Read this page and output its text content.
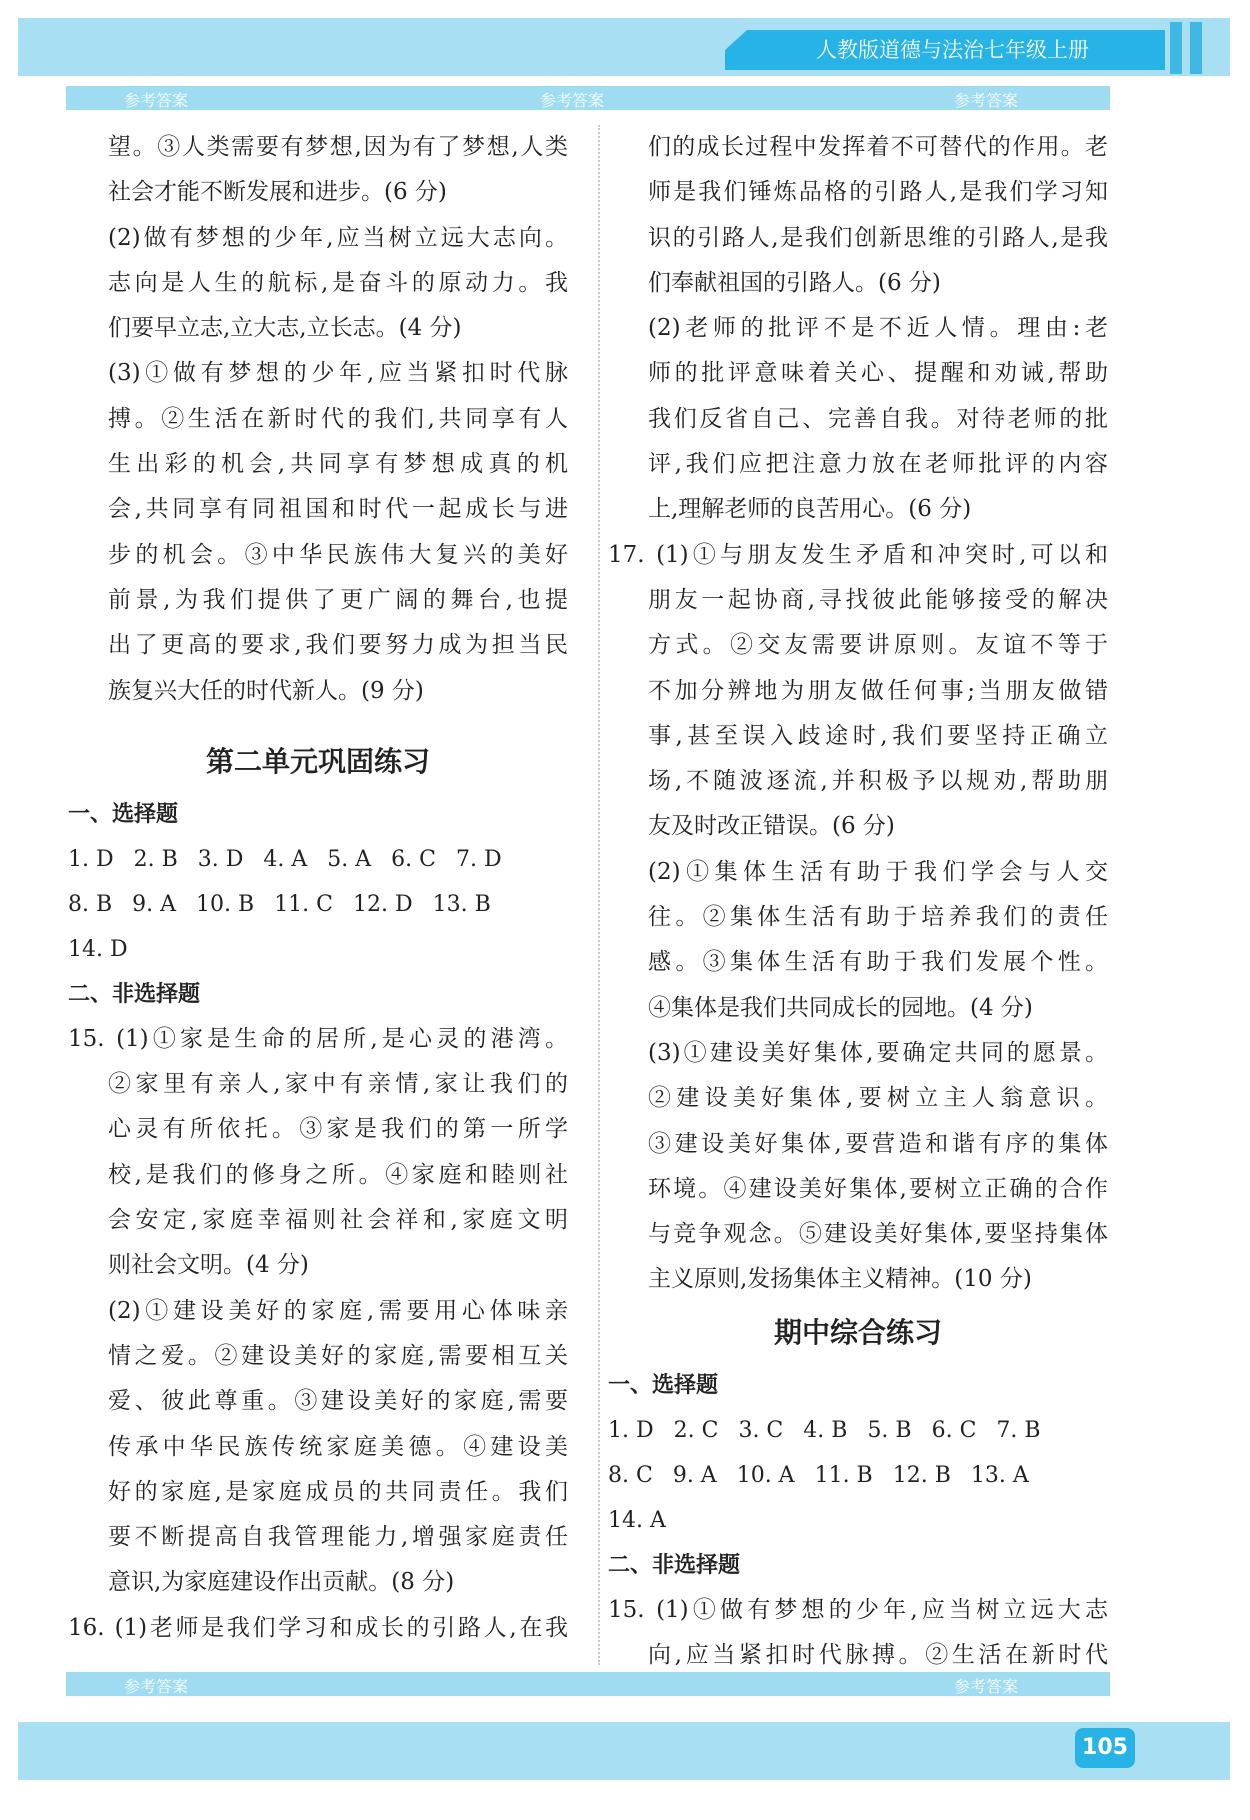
人教版道德与法治七年级上册
参考答案	参考答案	参考答案
望。③人类需要有梦想,因为有了梦想,人类
社会才能不断发展和进步。(6 分)
(2)做有梦想的少年,应当树立远大志向。
志向是人生的航标,是奋斗的原动力。我
们要早立志,立大志,立长志。(4 分)
(3)①做有梦想的少年,应当紧扣时代脉
搏。②生活在新时代的我们,共同享有人
生出彩的机会,共同享有梦想成真的机
会,共同享有同祖国和时代一起成长与进
步的机会。③中华民族伟大复兴的美好
前景,为我们提供了更广阔的舞台,也提
出了更高的要求,我们要努力成为担当民
族复兴大任的时代新人。(9 分)
第二单元巩固练习
一、选择题
1. D 2. B 3. D 4. A 5. A 6. C 7. D
8. B 9. A 10. B 11. C 12. D 13. B
14. D
二、非选择题
15. (1)①家是生命的居所,是心灵的港湾。
②家里有亲人,家中有亲情,家让我们的
心灵有所依托。③家是我们的第一所学
校,是我们的修身之所。④家庭和睦则社
会安定,家庭幸福则社会祥和,家庭文明
则社会文明。(4 分)
(2)①建设美好的家庭,需要用心体味亲
情之爱。②建设美好的家庭,需要相互关
爱、彼此尊重。③建设美好的家庭,需要
传承中华民族传统家庭美德。④建设美
好的家庭,是家庭成员的共同责任。我们
要不断提高自我管理能力,增强家庭责任
意识,为家庭建设作出贡献。(8 分)
16. (1)老师是我们学习和成长的引路人,在我
们的成长过程中发挥着不可替代的作用。老
师是我们锤炼品格的引路人,是我们学习知
识的引路人,是我们创新思维的引路人,是我
们奉献祖国的引路人。(6 分)
(2)老师的批评不是不近人情。理由:老
师的批评意味着关心、提醒和劝诫,帮助
我们反省自己、完善自我。对待老师的批
评,我们应把注意力放在老师批评的内容
上,理解老师的良苦用心。(6 分)
17. (1)①与朋友发生矛盾和冲突时,可以和
朋友一起协商,寻找彼此能够接受的解决
方式。②交友需要讲原则。友谊不等于
不加分辨地为朋友做任何事;当朋友做错
事,甚至误入歧途时,我们要坚持正确立
场,不随波逐流,并积极予以规劝,帮助朋
友及时改正错误。(6 分)
(2)①集体生活有助于我们学会与人交
往。②集体生活有助于培养我们的责任
感。③集体生活有助于我们发展个性。
④集体是我们共同成长的园地。(4 分)
(3)①建设美好集体,要确定共同的愿景。
②建设美好集体,要树立主人翁意识。
③建设美好集体,要营造和谐有序的集体
环境。④建设美好集体,要树立正确的合作
与竞争观念。⑤建设美好集体,要坚持集体
主义原则,发扬集体主义精神。(10 分)
期中综合练习
一、选择题
1. D 2. C 3. C 4. B 5. B 6. C 7. B
8. C 9. A 10. A 11. B 12. B 13. A
14. A
二、非选择题
15. (1)①做有梦想的少年,应当树立远大志
向,应当紧扣时代脉搏。②生活在新时代
参考答案	参考答案
105
